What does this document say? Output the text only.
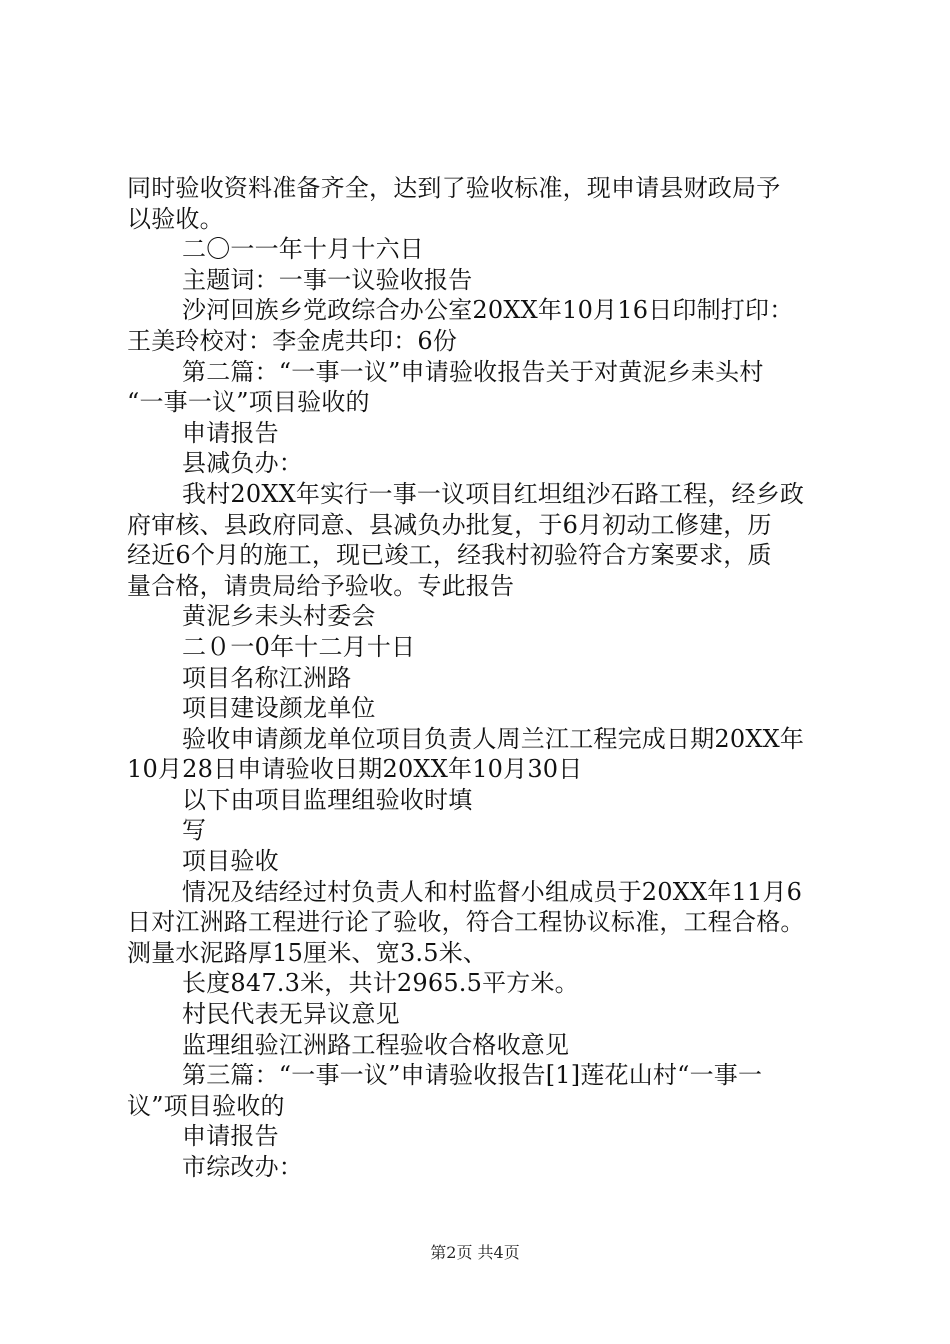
同时验收资料准备齐全，达到了验收标准，现申请县财政局予
以验收。
二〇一一年十月十六日
主题词：一事一议验收报告
沙河回族乡党政综合办公室20XX年10月16日印制打印：
王美玲校对：李金虎共印：6份
第二篇：“一事一议”申请验收报告关于对黄泥乡耒头村
“一事一议”项目验收的
申请报告
县减负办：
我村20XX年实行一事一议项目红坦组沙石路工程，经乡政
府审核、县政府同意、县减负办批复，于6月初动工修建，历
经近6个月的施工，现已竣工，经我村初验符合方案要求，质
量合格，请贵局给予验收。专此报告
黄泥乡耒头村委会
二０一0年十二月十日
项目名称江洲路
项目建设颜龙单位
验收申请颜龙单位项目负责人周兰江工程完成日期20XX年
10月28日申请验收日期20XX年10月30日
以下由项目监理组验收时填
写
项目验收
情况及结经过村负责人和村监督小组成员于20XX年11月6
日对江洲路工程进行论了验收，符合工程协议标准，工程合格。
测量水泥路厚15厘米、宽3.5米、
长度847.3米，共计2965.5平方米。
村民代表无异议意见
监理组验江洲路工程验收合格收意见
第三篇：“一事一议”申请验收报告[1]莲花山村“一事一
议”项目验收的
申请报告
市综改办：
第2页 共4页
